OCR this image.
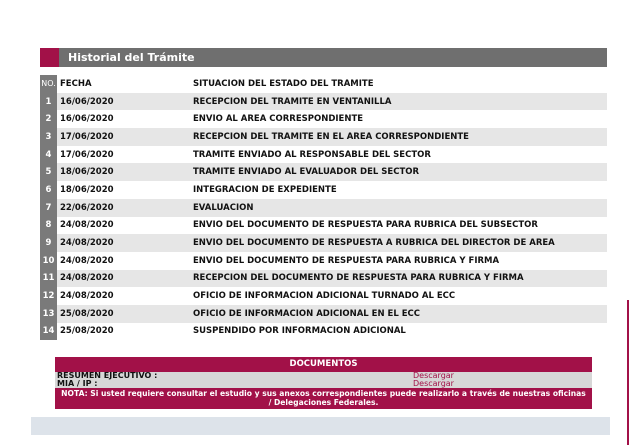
Historial del Trámite
NO. FECHA	SITUACIÓN DEL ESTADO DEL TRÁMITE
1	16/06/2020	RECEPCION DEL TRAMITE EN VENTANILLA
2	16/06/2020	ENVIO AL AREA CORRESPONDIENTE
3	17/06/2020	RECEPCION DEL TRAMITE EN EL AREA CORRESPONDIENTE
4	17/06/2020	TRAMITE ENVIADO AL RESPONSABLE DEL SECTOR
5	18/06/2020	TRAMITE ENVIADO AL EVALUADOR DEL SECTOR
6	18/06/2020	INTEGRACION DE EXPEDIENTE
7	22/06/2020	EVALUACION
8	24/08/2020	ENVIO DEL DOCUMENTO DE RESPUESTA PARA RUBRICA DEL SUBSECTOR
9	24/08/2020	ENVIO DEL DOCUMENTO DE RESPUESTA A RUBRICA DEL DIRECTOR DE AREA
10 24/08/2020	ENVIO DEL DOCUMENTO DE RESPUESTA PARA RUBRICA Y FIRMA
11 24/08/2020	RECEPCION DEL DOCUMENTO DE RESPUESTA PARA RUBRICA Y FIRMA
12 24/08/2020	OFICIO DE INFORMACION ADICIONAL TURNADO AL ECC
13 25/08/2020	OFICIO DE INFORMACION ADICIONAL EN EL ECC
14 25/08/2020	SUSPENDIDO POR INFORMACION ADICIONAL
DOCUMENTOS
RESUMEN EJECUTIVO :	Descargar
MIA / IP :	Descargar
NOTA: Si usted requiere consultar el estudio y sus anexos correspondientes puede realizarlo a través de nuestras oficinas / Delegaciones Federales.
